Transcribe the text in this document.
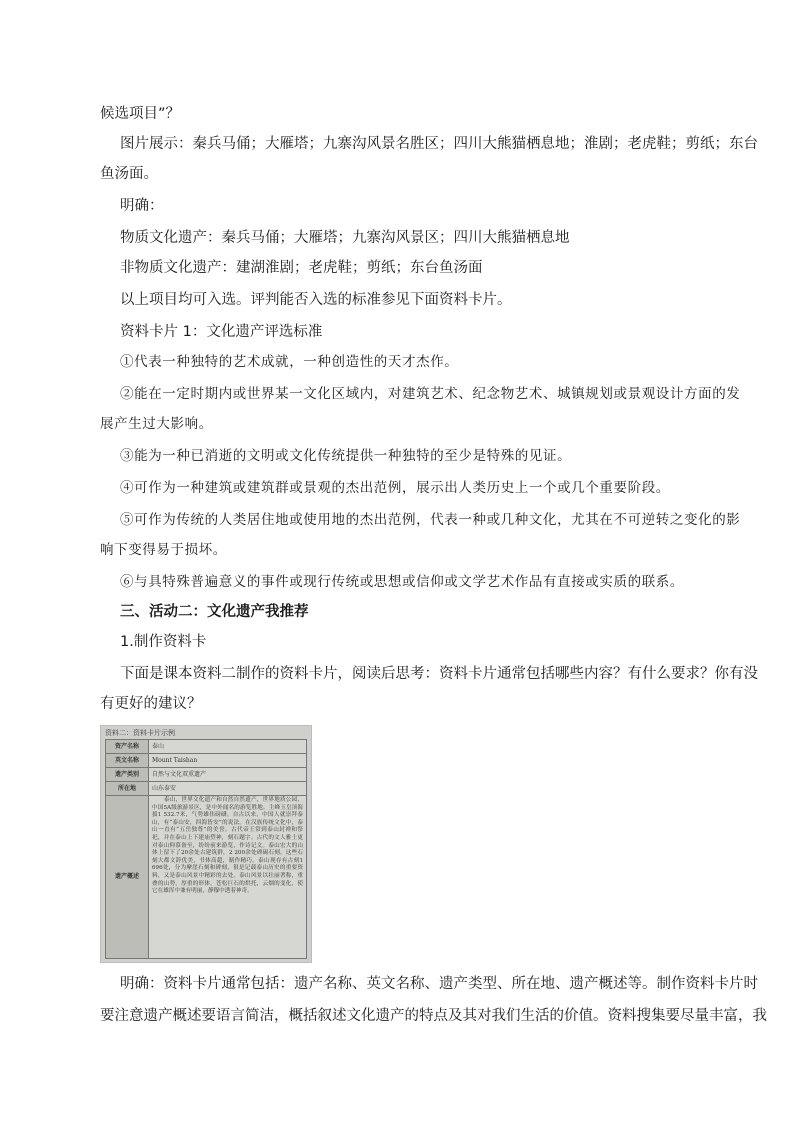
候选项目”？
图片展示：秦兵马俑；大雁塔；九寨沟风景名胜区；四川大熊猫栖息地；淮剧；老虎鞋；剪纸；东台
鱼汤面。
明确：
物质文化遗产：秦兵马俑；大雁塔；九寨沟风景区；四川大熊猫栖息地
非物质文化遗产：建湖淮剧；老虎鞋；剪纸；东台鱼汤面
以上项目均可入选。评判能否入选的标准参见下面资料卡片。
资料卡片 1：文化遗产评选标准
①代表一种独特的艺术成就，一种创造性的天才杰作。
②能在一定时期内或世界某一文化区域内，对建筑艺术、纪念物艺术、城镇规划或景观设计方面的发
展产生过大影响。
③能为一种已消逝的文明或文化传统提供一种独特的至少是特殊的见证。
④可作为一种建筑或建筑群或景观的杰出范例，展示出人类历史上一个或几个重要阶段。
⑤可作为传统的人类居住地或使用地的杰出范例，代表一种或几种文化，尤其在不可逆转之变化的影
响下变得易于损坏。
⑥与具特殊普遍意义的事件或现行传统或思想或信仰或文学艺术作品有直接或实质的联系。
三、活动二：文化遗产我推荐
1.制作资料卡
下面是课本资料二制作的资料卡片，阅读后思考：资料卡片通常包括哪些内容？有什么要求？你有没
有更好的建议？
资料二：资料卡片示例
资产名称	泰山
英文名称	Mount Taishan
遗产类别	自然与文化双重遗产
所在地	山东泰安
遗产概述	泰山，世界文化遗产和自然自然遗产，世界地质公园，中国5A级旅游景区，是中外闻名的游览胜地。主峰玉皇顶海拔1 532.7米，气势雄伟磅礴。自古以来，中国人就崇拜泰山，有“泰山安，四海皆安”的说法。在汉族传统文化中，泰山一直有“五岳独尊”的美誉。古代帝王常到泰山封禅和祭祀，并在泰山上下建庙塑神，刻石题字。古代的文人雅士更对泰山仰慕备至，纷纷前来游览，作诗记文。泰山宏大的山体上留下了20余处古建筑群，2 200余处碑碣石刻。这些石刻大都文辞优美，书体高超，制作精巧。泰山现存有古刻1 696处，分为摩崖石刻和碑刻，很是记载泰山历史的重要资料，又是泰山风景中精彩的去处。泰山风景以壮丽著称，重叠的山势，厚重的形体，苍松巨石的烘托，云烟的变化，使它在雄浑中兼有明丽，静穆中透着神奇。
明确：资料卡片通常包括：遗产名称、英文名称、遗产类型、所在地、遗产概述等。制作资料卡片时
要注意遗产概述要语言简洁，概括叙述文化遗产的特点及其对我们生活的价值。资料搜集要尽量丰富，我
